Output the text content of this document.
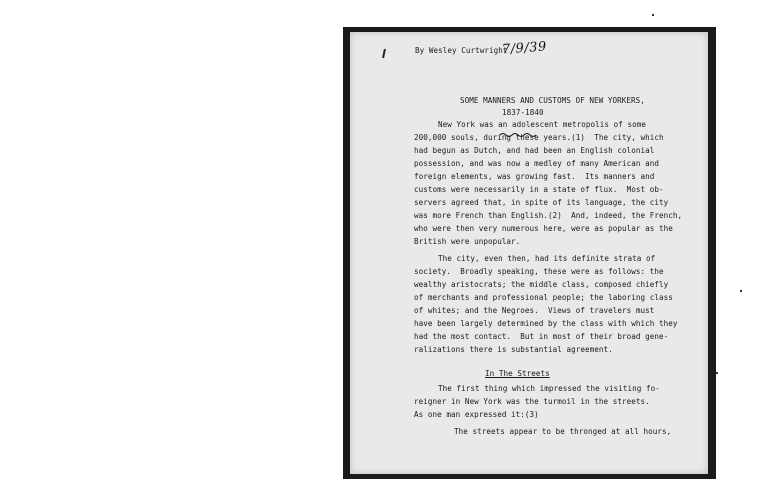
By Wesley Curtwright
7/9/39
SOME MANNERS AND CUSTOMS OF NEW YORKERS,
1837-1840
New York was an adolescent metropolis of some
200,000 souls, during these years.(1)  The city, which
had begun as Dutch, and had been an English colonial
possession, and was now a medley of many American and
foreign elements, was growing fast.  Its manners and
customs were necessarily in a state of flux.  Most ob-
servers agreed that, in spite of its language, the city
was more French than English.(2)  And, indeed, the French,
who were then very numerous here, were as popular as the
British were unpopular.
The city, even then, had its definite strata of
society.  Broadly speaking, these were as follows: the
wealthy aristocrats; the middle class, composed chiefly
of merchants and professional people; the laboring class
of whites; and the Negroes.  Views of travelers must
have been largely determined by the class with which they
had the most contact.  But in most of their broad gene-
ralizations there is substantial agreement.
In The Streets
The first thing which impressed the visiting fo-
reigner in New York was the turmoil in the streets.
As one man expressed it:(3)
The streets appear to be thronged at all hours,
